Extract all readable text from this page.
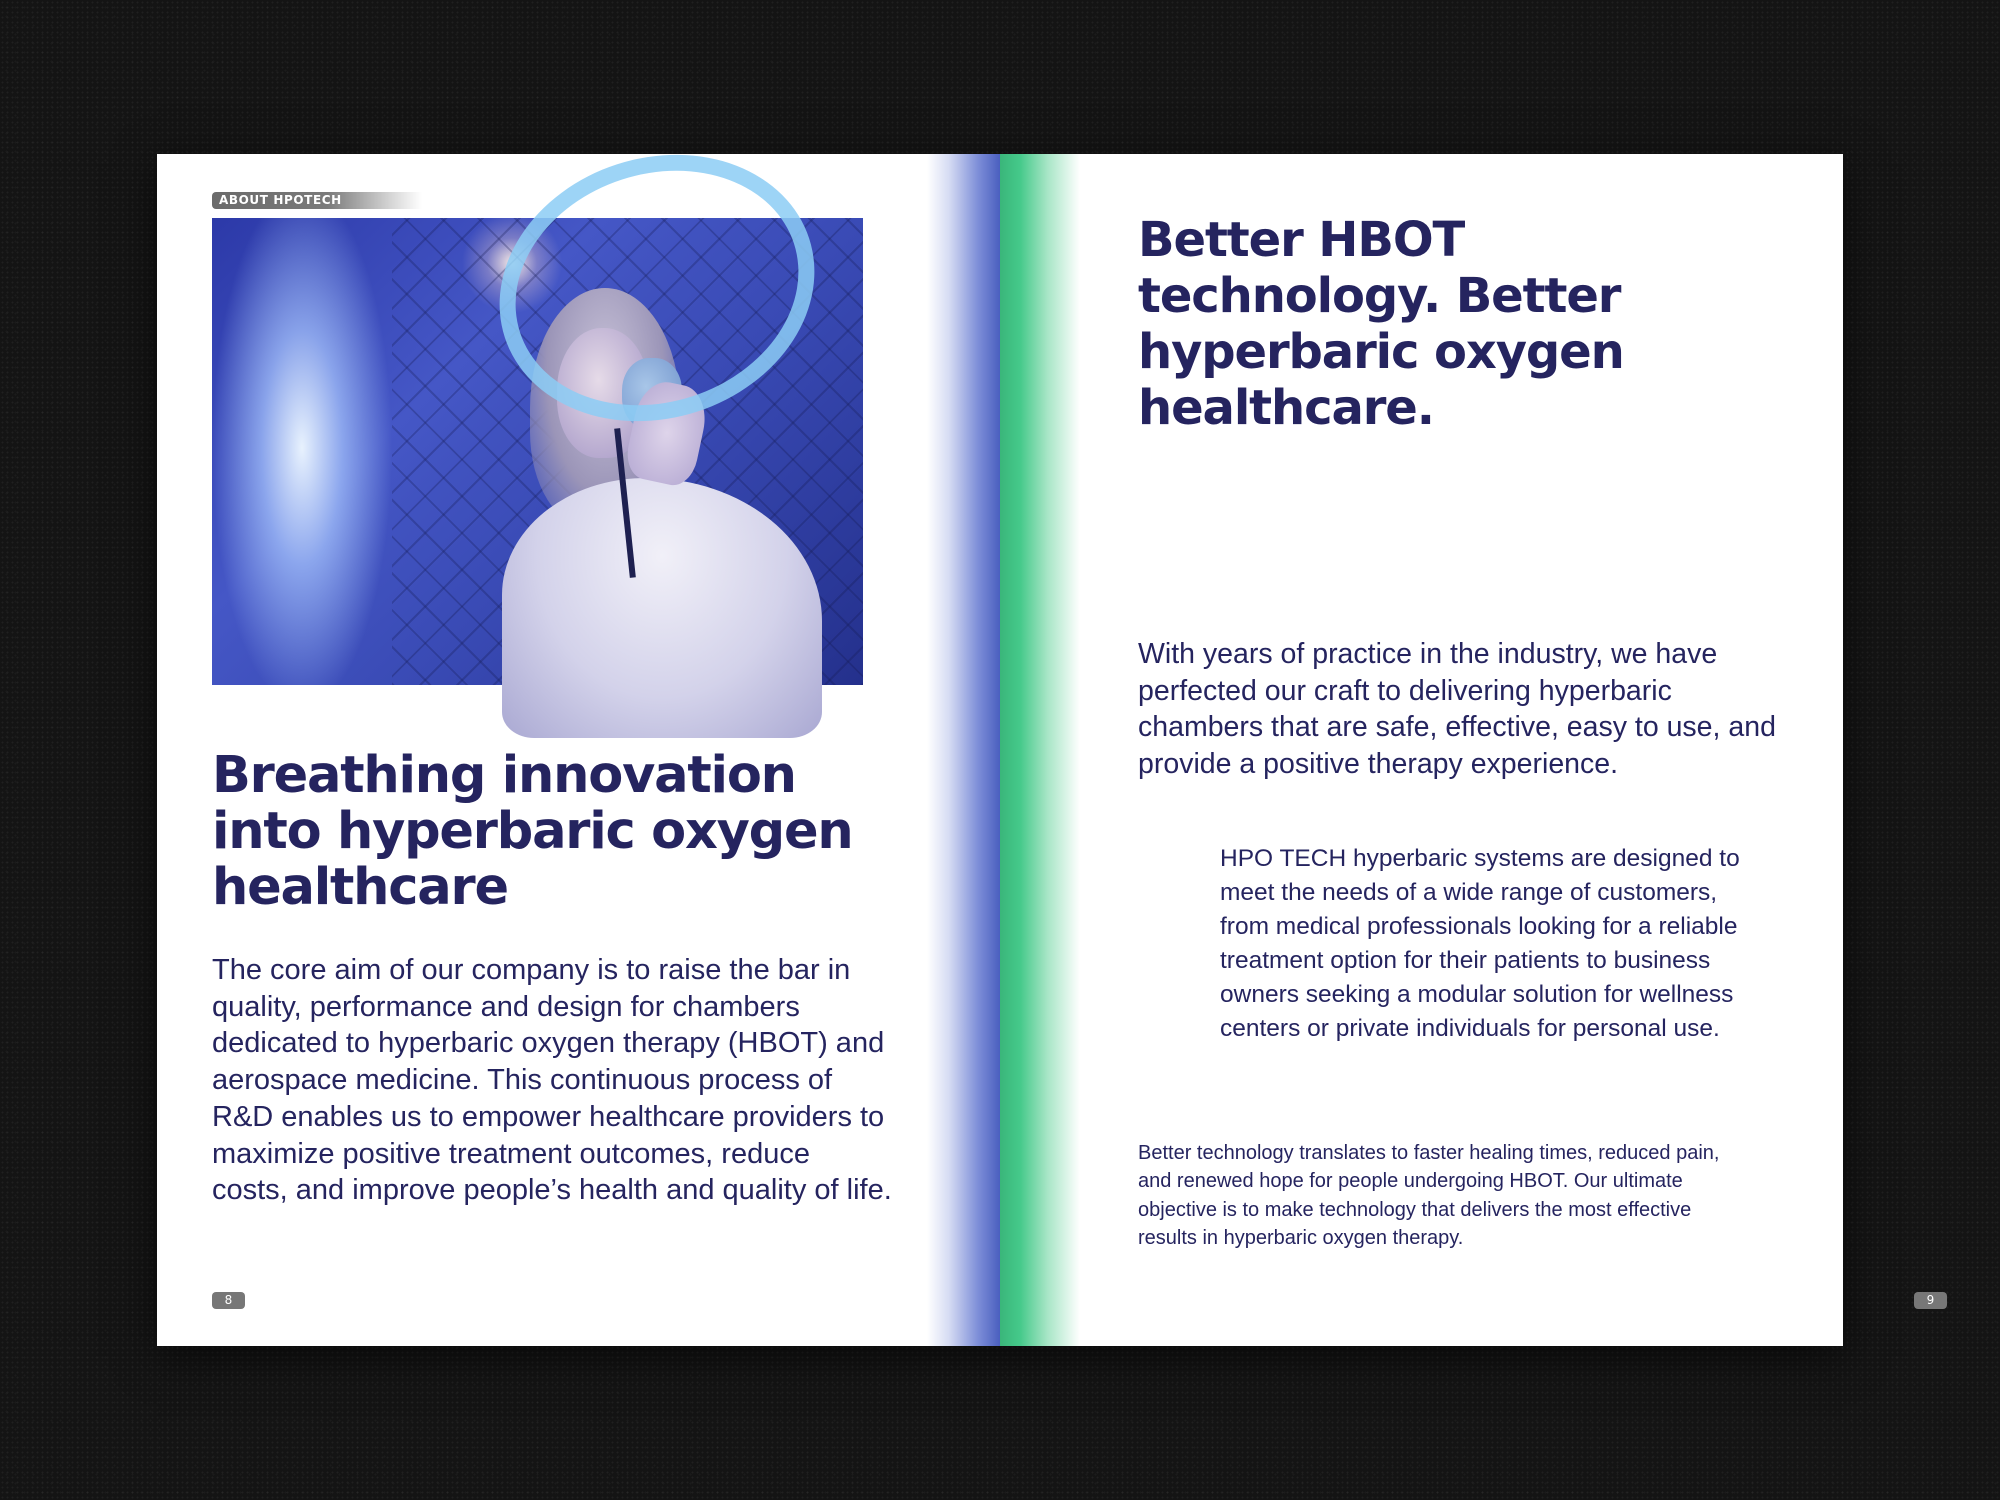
ABOUT HPOTECH
Breathing innovation into hyperbaric oxygen healthcare

The core aim of our company is to raise the bar in quality, performance and design for chambers dedicated to hyperbaric oxygen therapy (HBOT) and aerospace medicine. This continuous process of R&D enables us to empower healthcare providers to maximize positive treatment outcomes, reduce costs, and improve people’s health and quality of life.

8
Better HBOT technology. Better hyperbaric oxygen healthcare.

With years of practice in the industry, we have perfected our craft to delivering hyperbaric chambers that are safe, effective, easy to use, and provide a positive therapy experience.

HPO TECH hyperbaric systems are designed to meet the needs of a wide range of customers, from medical professionals looking for a reliable treatment option for their patients to business owners seeking a modular solution for wellness centers or private individuals for personal use.

Better technology translates to faster healing times, reduced pain, and renewed hope for people undergoing HBOT. Our ultimate objective is to make technology that delivers the most effective results in hyperbaric oxygen therapy.

9
